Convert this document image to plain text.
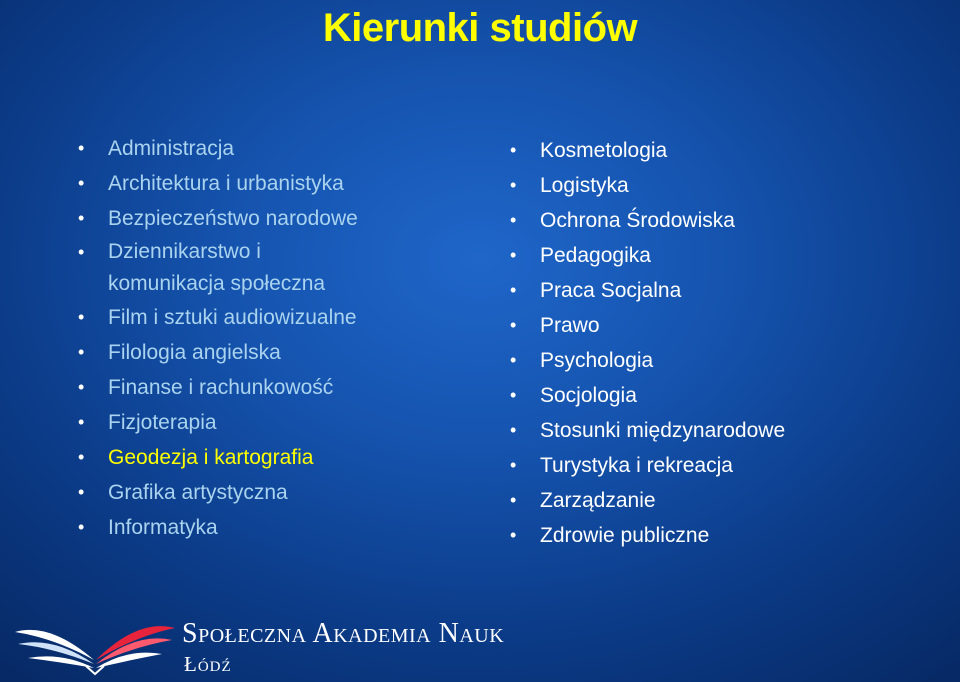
Kierunki studiów
• Administracja
• Architektura i urbanistyka
• Bezpieczeństwo narodowe
• Dziennikarstwo i
komunikacja społeczna
• Film i sztuki audiowizualne
• Filologia angielska
• Finanse i rachunkowość
• Fizjoterapia
• Geodezja i kartografia
• Grafika artystyczna
• Informatyka
• Kosmetologia
• Logistyka
• Ochrona Środowiska
• Pedagogika
• Praca Socjalna
• Prawo
• Psychologia
• Socjologia
• Stosunki międzynarodowe
• Turystyka i rekreacja
• Zarządzanie
• Zdrowie publiczne
Społeczna Akademia Nauk
Łódź
